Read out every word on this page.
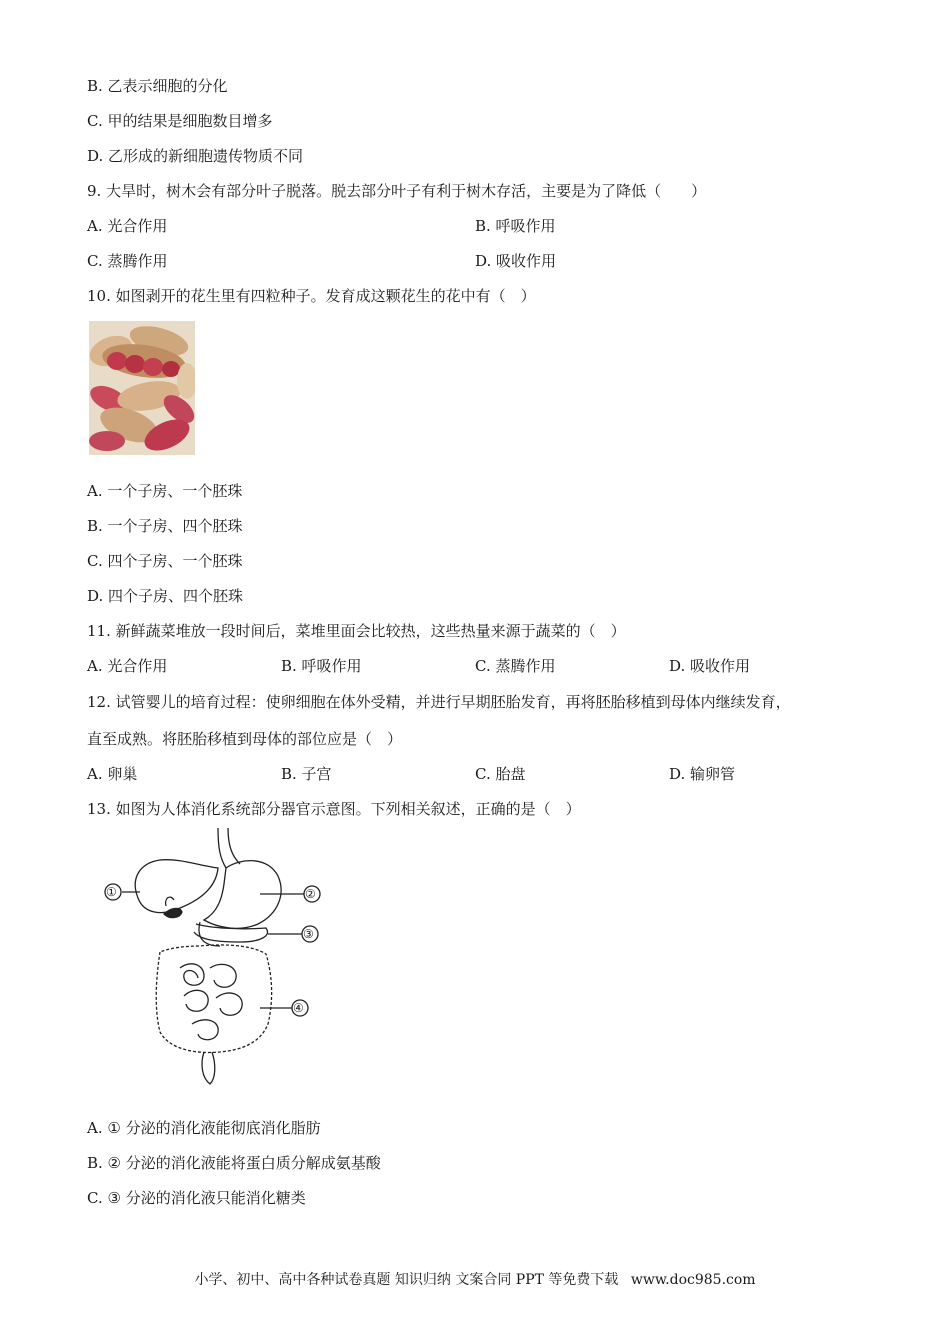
B. 乙表示细胞的分化
C. 甲的结果是细胞数目增多
D. 乙形成的新细胞遗传物质不同
9. 大旱时，树木会有部分叶子脱落。脱去部分叶子有利于树木存活，主要是为了降低（　　）
A. 光合作用	B. 呼吸作用
C. 蒸腾作用	D. 吸收作用
10. 如图剥开的花生里有四粒种子。发育成这颗花生的花中有（　）
A. 一个子房、一个胚珠
B. 一个子房、四个胚珠
C. 四个子房、一个胚珠
D. 四个子房、四个胚珠
11. 新鲜蔬菜堆放一段时间后，菜堆里面会比较热，这些热量来源于蔬菜的（　）
A. 光合作用	B. 呼吸作用	C. 蒸腾作用	D. 吸收作用
12. 试管婴儿的培育过程：使卵细胞在体外受精，并进行早期胚胎发育，再将胚胎移植到母体内继续发育，
直至成熟。将胚胎移植到母体的部位应是（　）
A. 卵巢	B. 子宫	C. 胎盘	D. 输卵管
13. 如图为人体消化系统部分器官示意图。下列相关叙述，正确的是（　）
①	②
③
④
A. ① 分泌的消化液能彻底消化脂肪
B. ② 分泌的消化液能将蛋白质分解成氨基酸
C. ③ 分泌的消化液只能消化糖类
小学、初中、高中各种试卷真题 知识归纳 文案合同 PPT 等免费下载 www.doc985.com
